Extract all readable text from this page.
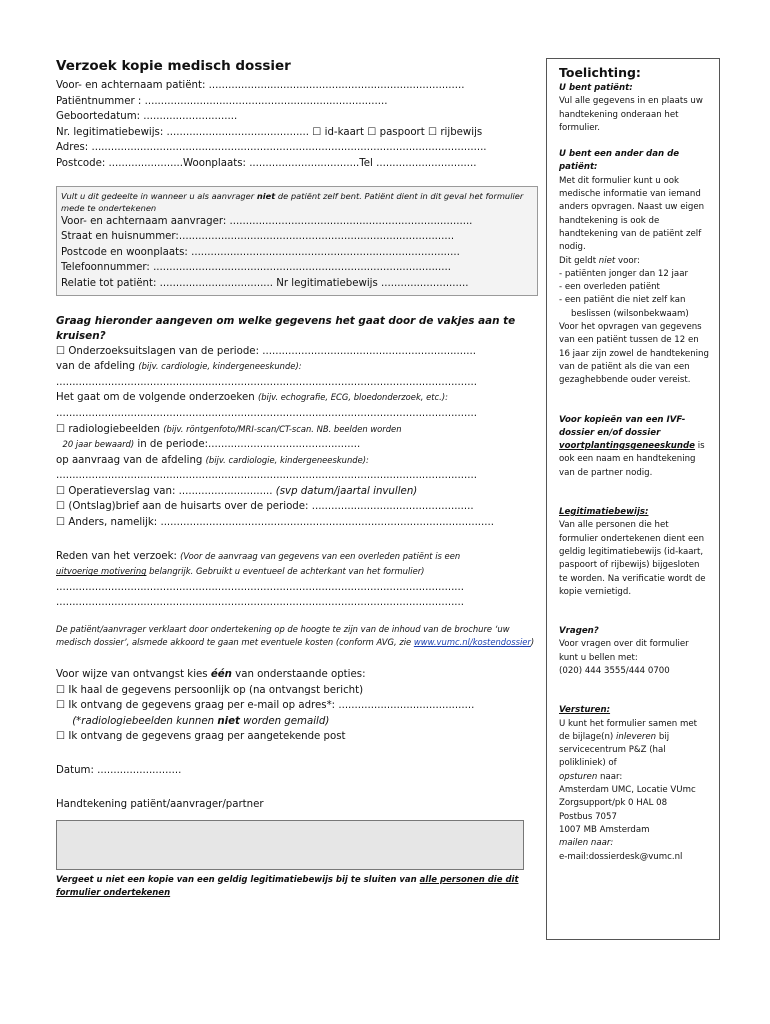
Verzoek kopie medisch dossier
Voor- en achternaam patiënt: ...............................................................................
Patiëntnummer : ...........................................................................
Geboortedatum: .............................
Nr. legitimatiebewijs: ............................................ ☐ id-kaart ☐ paspoort ☐ rijbewijs
Adres: ..........................................................................................................................
Postcode: .......................Woonplaats: ..................................Tel ...............................
Vult u dit gedeelte in wanneer u als aanvrager niet de patiënt zelf bent. Patiënt dient in dit geval het formulier mede te ondertekenen
Voor- en achternaam aanvrager: ...........................................................................
Straat en huisnummer:.....................................................................................
Postcode en woonplaats: ...................................................................................
Telefoonnummer: ............................................................................................
Relatie tot patiënt: ................................... Nr legitimatiebewijs ...........................
Graag hieronder aangeven om welke gegevens het gaat door de vakjes aan te kruisen?
☐ Onderzoeksuitslagen van de periode: ..................................................................
van de afdeling (bijv. cardiologie, kindergeneeskunde):
..................................................................................................................................
Het gaat om de volgende onderzoeken (bijv. echografie, ECG, bloedonderzoek, etc.):
..................................................................................................................................
☐ radiologiebeelden (bijv. röntgenfoto/MRI-scan/CT-scan. NB. beelden worden
20 jaar bewaard) in de periode:...............................................
op aanvraag van de afdeling (bijv. cardiologie, kindergeneeskunde):
..................................................................................................................................
☐ Operatieverslag van: ............................. (svp datum/jaartal invullen)
☐ (Ontslag)brief aan de huisarts over de periode: ..................................................
☐ Anders, namelijk: .......................................................................................................
Reden van het verzoek: (Voor de aanvraag van gegevens van een overleden patiënt is een
uitvoerige motivering belangrijk. Gebruikt u eventueel de achterkant van het formulier)
..............................................................................................................................
..............................................................................................................................
De patiënt/aanvrager verklaart door ondertekening op de hoogte te zijn van de inhoud van de brochure ‘uw medisch dossier’, alsmede akkoord te gaan met eventuele kosten (conform AVG, zie www.vumc.nl/kostendossier)
Voor wijze van ontvangst kies één van onderstaande opties:
☐ Ik haal de gegevens persoonlijk op (na ontvangst bericht)
☐ Ik ontvang de gegevens graag per e-mail op adres*: ..........................................
(*radiologiebeelden kunnen niet worden gemaild)
☐ Ik ontvang de gegevens graag per aangetekende post
Datum: ..........................
Handtekening patiënt/aanvrager/partner
Vergeet u niet een kopie van een geldig legitimatiebewijs bij te sluiten van alle personen die dit formulier ondertekenen
Toelichting:
U bent patiënt:
Vul alle gegevens in en plaats uw handtekening onderaan het formulier.
U bent een ander dan de patiënt:
Met dit formulier kunt u ook medische informatie van iemand anders opvragen. Naast uw eigen handtekening is ook de handtekening van de patiënt zelf nodig.
Dit geldt niet voor:
- patiënten jonger dan 12 jaar
- een overleden patiënt
- een patiënt die niet zelf kan beslissen (wilsonbekwaam)
Voor het opvragen van gegevens van een patiënt tussen de 12 en 16 jaar zijn zowel de handtekening van de patiënt als die van een gezaghebbende ouder vereist.
Voor kopieën van een IVF-dossier en/of dossier voortplantingsgeneeskunde is
ook een naam en handtekening van de partner nodig.
Legitimatiebewijs:
Van alle personen die het formulier ondertekenen dient een geldig legitimatiebewijs (id-kaart, paspoort of rijbewijs) bijgesloten te worden. Na verificatie wordt de kopie vernietigd.
Vragen?
Voor vragen over dit formulier kunt u bellen met:
(020) 444 3555/444 0700
Versturen:
U kunt het formulier samen met de bijlage(n) inleveren bij servicecentrum P&Z (hal polikliniek) of
opsturen naar:
Amsterdam UMC, Locatie VUmc
Zorgsupport/pk 0 HAL 08
Postbus 7057
1007 MB Amsterdam
mailen naar:
e-mail:dossierdesk@vumc.nl
